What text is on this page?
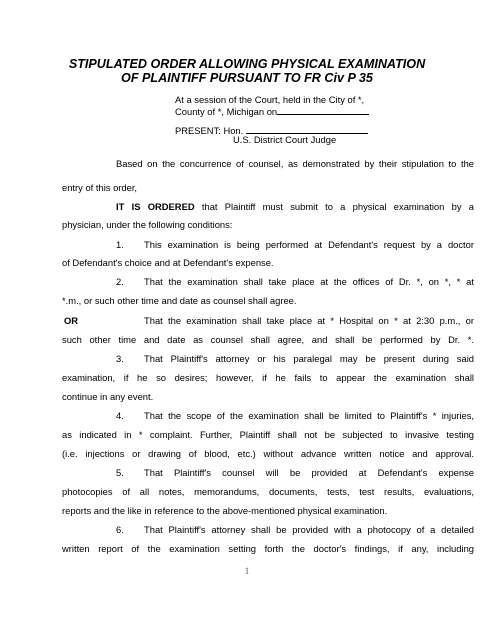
STIPULATED ORDER ALLOWING PHYSICAL EXAMINATION
OF PLAINTIFF PURSUANT TO FR Civ P 35
At a session of the Court, held in the City of *,
County of *, Michigan on
PRESENT: Hon.
U.S. District Court Judge
Based on the concurrence of counsel, as demonstrated by their stipulation to the
entry of this order,
IT IS ORDERED that Plaintiff must submit to a physical examination by a
physician, under the following conditions:
1. This examination is being performed at Defendant's request by a doctor
of Defendant's choice and at Defendant's expense.
2. That the examination shall take place at the offices of Dr. *, on *, * at
*.m., or such other time and date as counsel shall agree.
OR	That the examination shall take place at * Hospital on * at 2:30 p.m., or
such other time and date as counsel shall agree, and shall be performed by Dr. *.
3. That Plaintiff's attorney or his paralegal may be present during said
examination, if he so desires; however, if he fails to appear the examination shall
continue in any event.
4. That the scope of the examination shall be limited to Plaintiff's * injuries,
as indicated in * complaint. Further, Plaintiff shall not be subjected to invasive testing
(i.e. injections or drawing of blood, etc.) without advance written notice and approval.
5. That Plaintiff's counsel will be provided at Defendant's expense
photocopies of all notes, memorandums, documents, tests, test results, evaluations,
reports and the like in reference to the above-mentioned physical examination.
6. That Plaintiff's attorney shall be provided with a photocopy of a detailed
written report of the examination setting forth the doctor's findings, if any, including
1
